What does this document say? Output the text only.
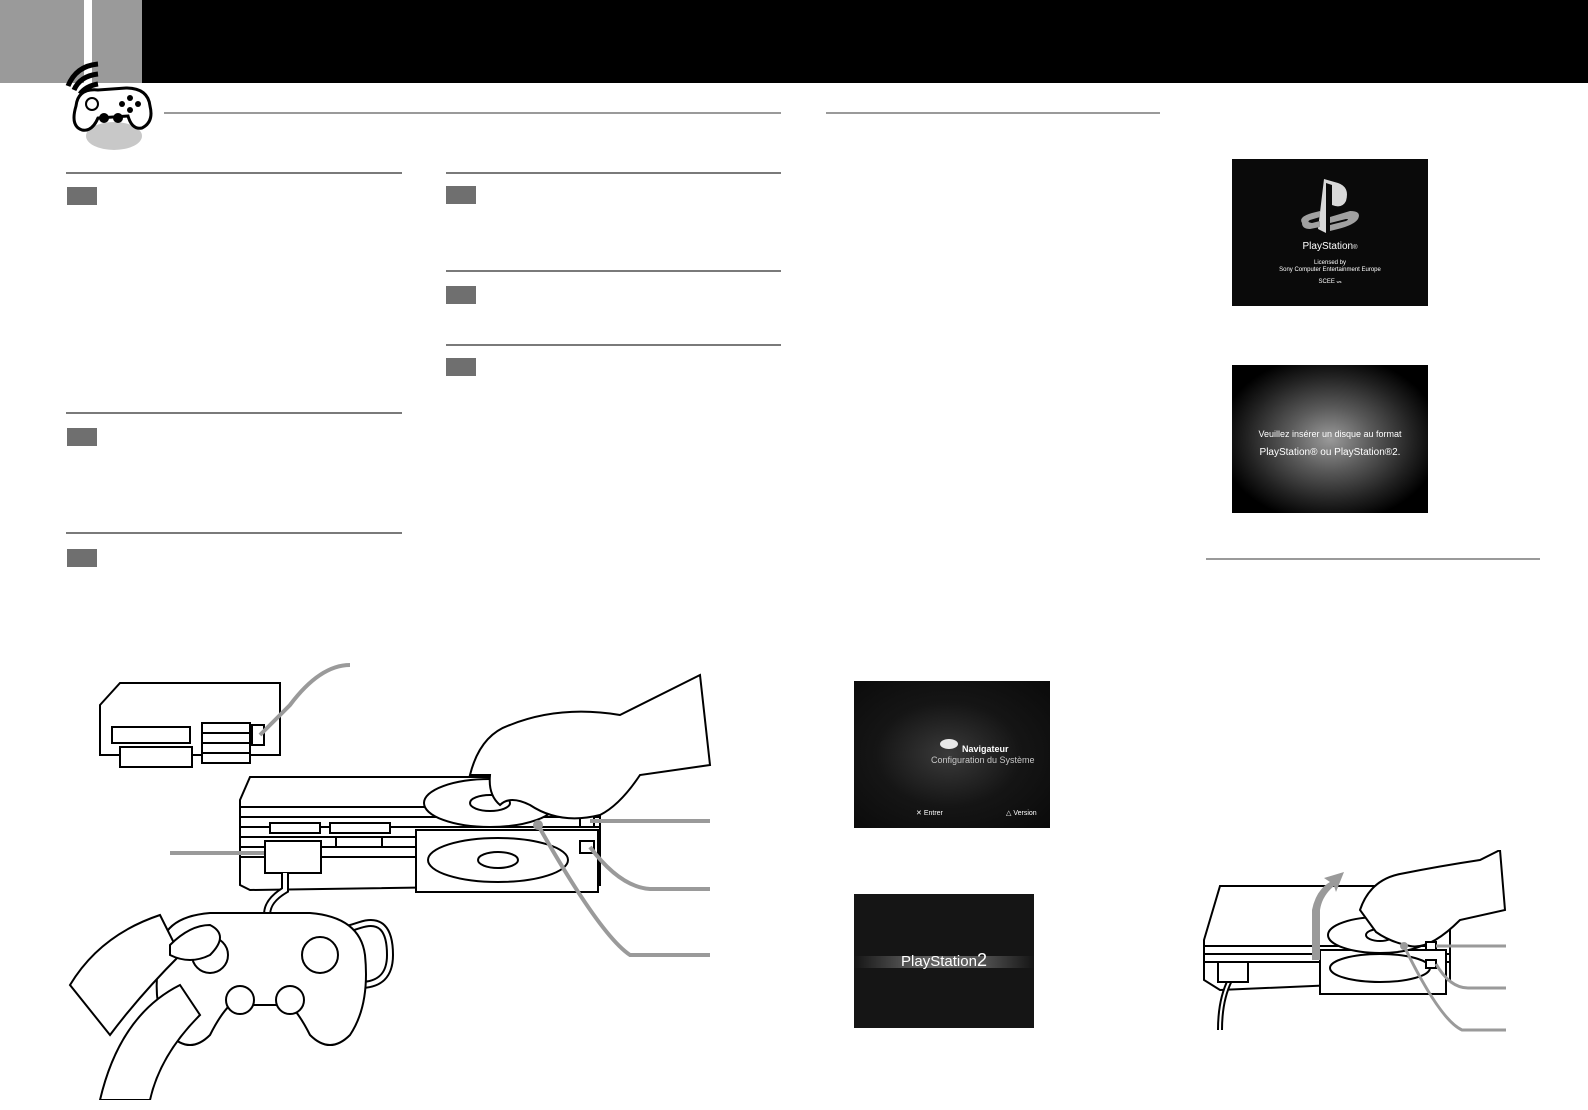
PlayStation®
Licensed by
Sony Computer Entertainment Europe
SCEE ws
Veuillez insérer un disque au format
PlayStation® ou PlayStation®2.
Navigateur
Configuration du Système
✕ Entrer	△ Version
PlayStation2
